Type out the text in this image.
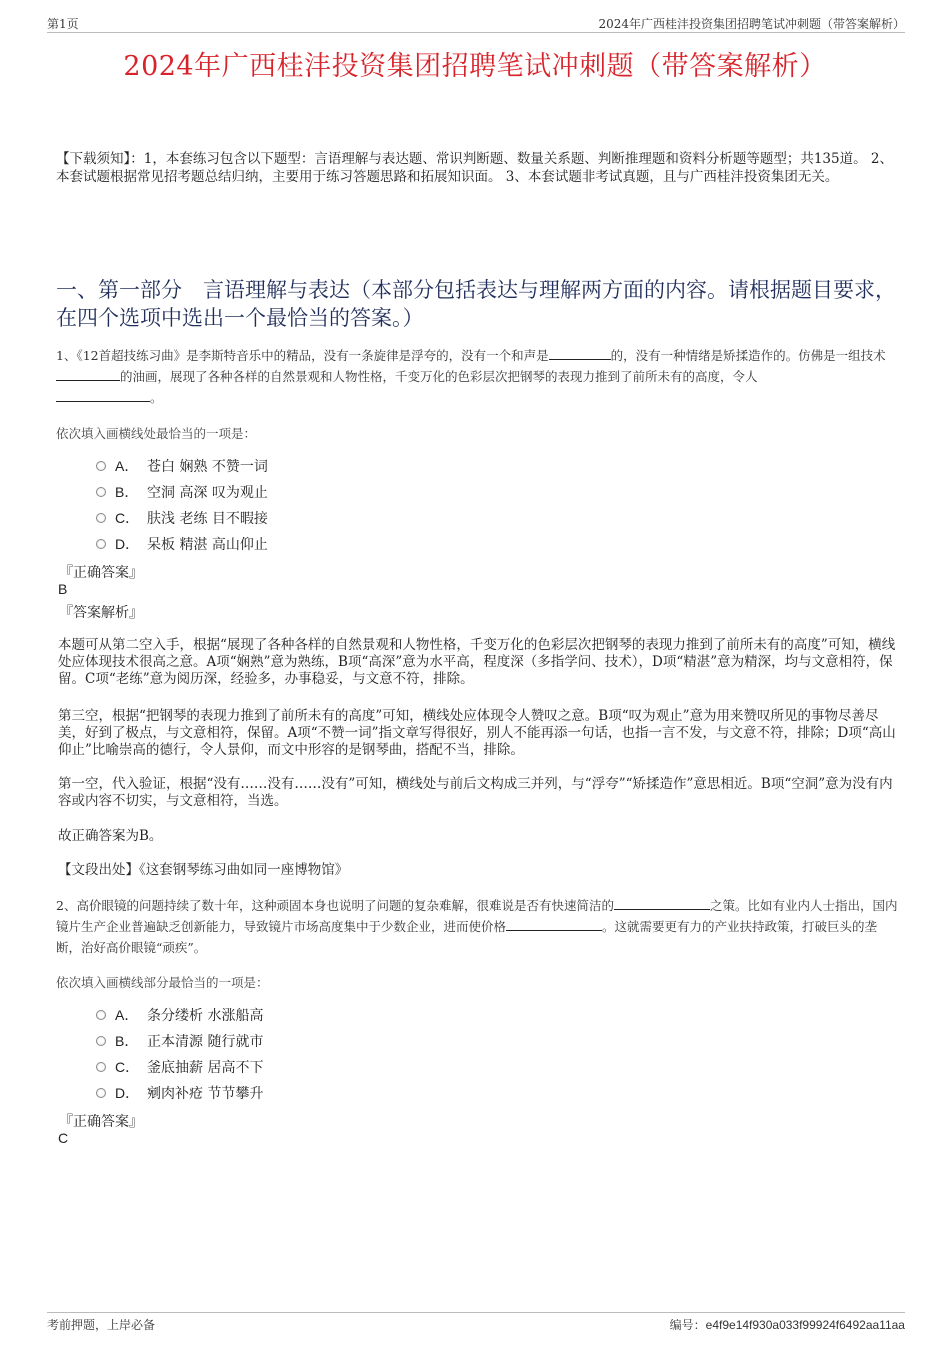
第1页	2024年广西桂沣投资集团招聘笔试冲刺题（带答案解析）
2024年广西桂沣投资集团招聘笔试冲刺题（带答案解析）
【下载须知】：1，本套练习包含以下题型：言语理解与表达题、常识判断题、数量关系题、判断推理题和资料分析题等题型；共135道。 2、本套试题根据常见招考题总结归纳，主要用于练习答题思路和拓展知识面。 3、本套试题非考试真题，且与广西桂沣投资集团无关。
一、第一部分　言语理解与表达（本部分包括表达与理解两方面的内容。请根据题目要求，在四个选项中选出一个最恰当的答案。）
1、《12首超技练习曲》是李斯特音乐中的精品，没有一条旋律是浮夸的，没有一个和声是	的，没有一种情绪是矫揉造作的。仿佛是一组技术的油画，展现了各种各样的自然景观和人物性格，千变万化的色彩层次把钢琴的表现力推到了前所未有的高度，令人
。
依次填入画横线处最恰当的一项是：
A． 苍白 娴熟 不赞一词
B． 空洞 高深 叹为观止
C． 肤浅 老练 目不暇接
D． 呆板 精湛 高山仰止
『正确答案』
B
『答案解析』
本题可从第二空入手，根据“展现了各种各样的自然景观和人物性格，千变万化的色彩层次把钢琴的表现力推到了前所未有的高度”可知，横线处应体现技术很高之意。A项“娴熟”意为熟练，B项“高深”意为水平高，程度深（多指学问、技术），D项“精湛”意为精深，均与文意相符，保留。C项“老练”意为阅历深，经验多，办事稳妥，与文意不符，排除。
第三空，根据“把钢琴的表现力推到了前所未有的高度”可知，横线处应体现令人赞叹之意。B项“叹为观止”意为用来赞叹所见的事物尽善尽美，好到了极点，与文意相符，保留。A项“不赞一词”指文章写得很好，别人不能再添一句话，也指一言不发，与文意不符，排除；D项“高山仰止”比喻崇高的德行，令人景仰，而文中形容的是钢琴曲，搭配不当，排除。
第一空，代入验证，根据“没有……没有……没有”可知，横线处与前后文构成三并列，与“浮夸”“矫揉造作”意思相近。B项“空洞”意为没有内容或内容不切实，与文意相符，当选。
故正确答案为B。
【文段出处】《这套钢琴练习曲如同一座博物馆》
2、高价眼镜的问题持续了数十年，这种顽固本身也说明了问题的复杂难解，很难说是否有快速简洁的	之策。比如有业内人士指出，国内镜片生产企业普遍缺乏创新能力，导致镜片市场高度集中于少数企业，进而使价格	。这就需要更有力的产业扶持政策，打破巨头的垄断，治好高价眼镜“顽疾”。
依次填入画横线部分最恰当的一项是：
A． 条分缕析 水涨船高
B． 正本清源 随行就市
C． 釜底抽薪 居高不下
D． 剜肉补疮 节节攀升
『正确答案』
C
考前押题，上岸必备	编号：e4f9e14f930a033f99924f6492aa11aa
